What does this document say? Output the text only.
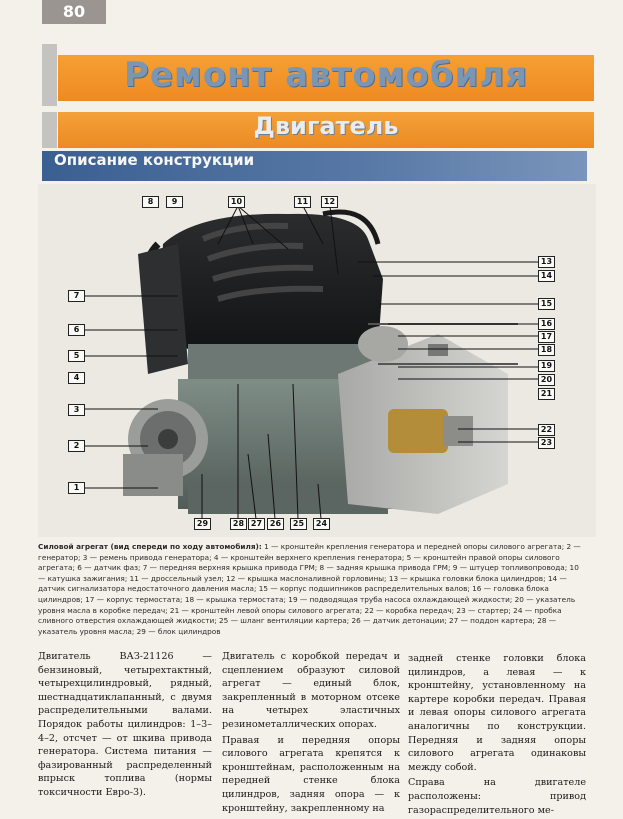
80
Ремонт автомобиля
Двигатель
Описание конструкции
8	9	10	11	12
7
6
5
4
3
2
1
13
14
15
16
17
18
19
20
21
22
23
29	28 27 26	25	24
Силовой агрегат (вид спереди по ходу автомобиля): 1 — кронштейн крепления генератора и передней опоры силового агрегата; 2 — генератор; 3 — ремень привода генератора; 4 — кронштейн верхнего крепления генератора; 5 — кронштейн правой опоры силового агрегата; 6 — датчик фаз; 7 — передняя верхняя крышка привода ГРМ; 8 — задняя крышка привода ГРМ; 9 — штуцер топливопровода; 10 — катушка зажигания; 11 — дроссельный узел; 12 — крышка маслоналивной горловины; 13 — крышка головки блока цилиндров; 14 — датчик сигнализатора недостаточного давления масла; 15 — корпус подшипников распределительных валов; 16 — головка блока цилиндров; 17 — корпус термостата; 18 — крышка термостата; 19 — подводящая труба насоса охлаждающей жидкости; 20 — указатель уровня масла в коробке передач; 21 — кронштейн левой опоры силового агрегата; 22 — коробка передач; 23 — стартер; 24 — пробка сливного отверстия охлаждающей жидкости; 25 — шланг вентиляции картера; 26 — датчик детонации; 27 — поддон картера; 28 — указатель уровня масла; 29 — блок цилиндров

Двигатель ВАЗ-21126 — бензиновый, четырехтактный, четырехцилиндровый, рядный, шестнадцатиклапанный, с двумя распределительными валами. Порядок работы цилиндров: 1–3–4–2, отсчет — от шкива привода генератора. Система питания — фазированный распределенный впрыск топлива (нормы токсичности Евро-3).

Двигатель с коробкой передач и сцеплением образуют силовой агрегат — единый блок, закрепленный в моторном отсеке на четырех эластичных резинометаллических опорах.

Правая и передняя опоры силового агрегата крепятся к кронштейнам, расположенным на передней стенке блока цилиндров, задняя опора — к кронштейну, закрепленному на

задней стенке головки блока цилиндров, а левая — к кронштейну, установленному на картере коробки передач. Правая и левая опоры силового агрегата аналогичны по конструкции. Передняя и задняя опоры силового агрегата одинаковы между собой.

Справа на двигателе расположены: привод газораспределительного ме-
